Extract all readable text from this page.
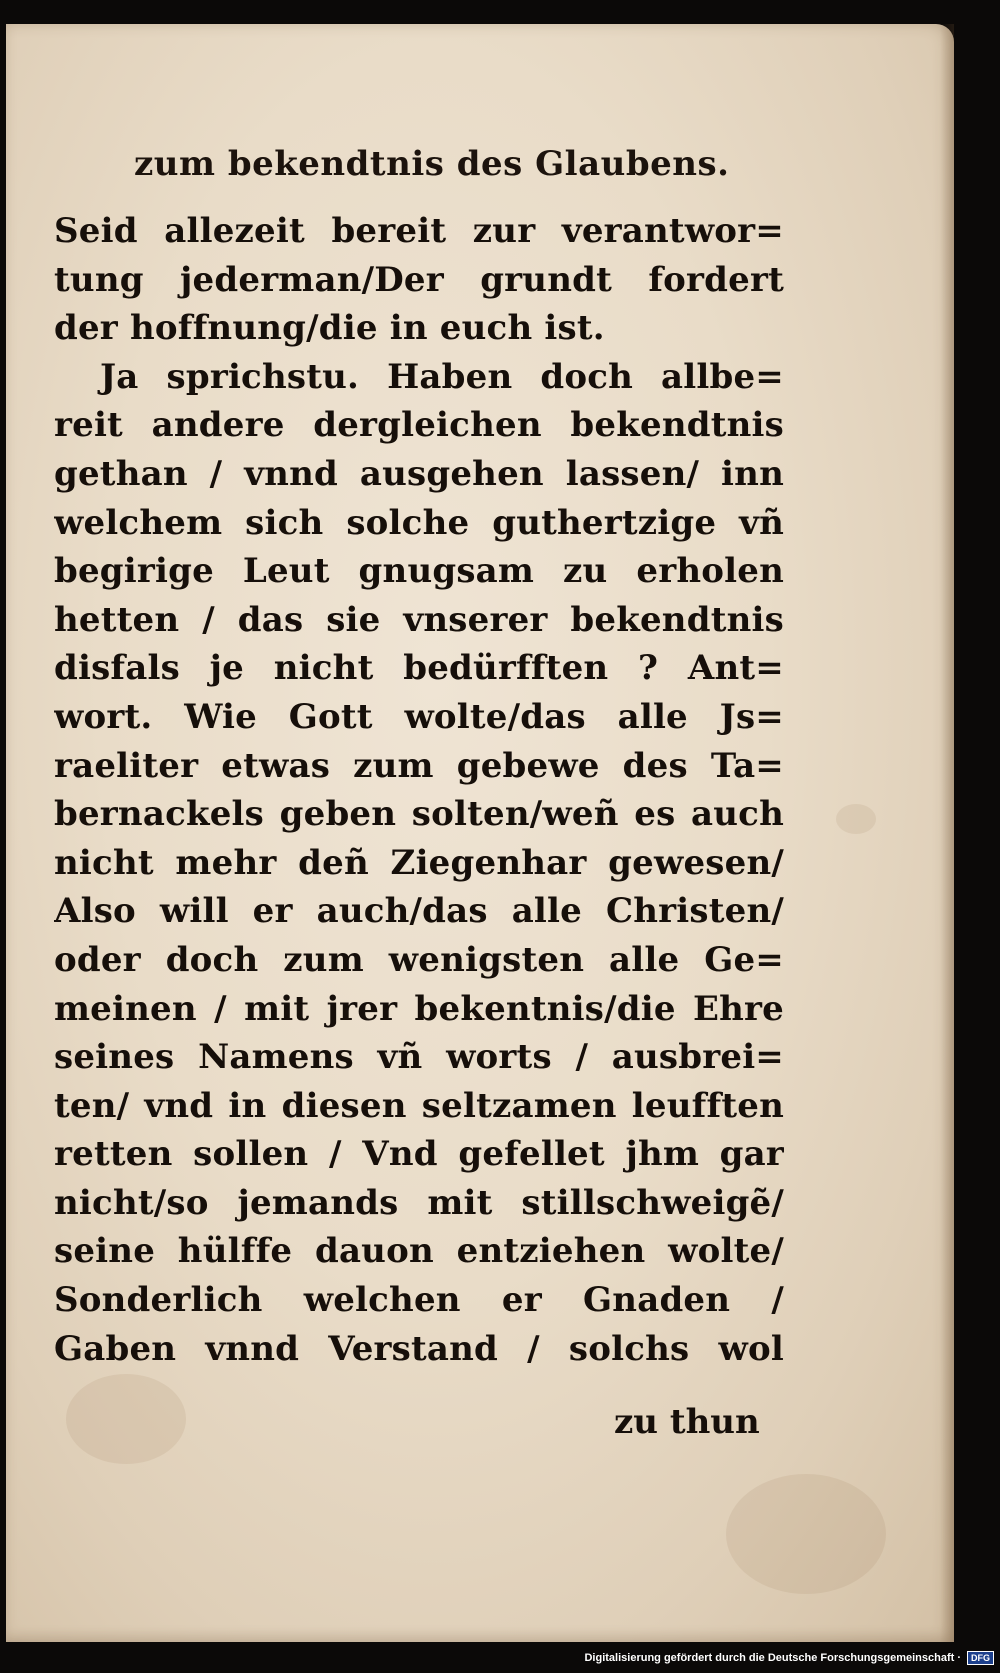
zum bekendtnis des Glaubens.
Seid allezeit bereit zur verantwor=
tung jederman/Der grundt fordert
der hoffnung/die in euch ist.
Ja sprichstu. Haben doch allbe=
reit andere dergleichen bekendtnis
gethan / vnnd ausgehen lassen/ inn
welchem sich solche guthertzige vñ
begirige Leut gnugsam zu erholen
hetten / das sie vnserer bekendtnis
disfals je nicht bedürfften ? Ant=
wort. Wie Gott wolte/das alle Js=
raeliter etwas zum gebewe des Ta=
bernackels geben solten/weñ es auch
nicht mehr deñ Ziegenhar gewesen/
Also will er auch/das alle Christen/
oder doch zum wenigsten alle Ge=
meinen / mit jrer bekentnis/die Ehre
seines Namens vñ worts / ausbrei=
ten/ vnd in diesen seltzamen leufften
retten sollen / Vnd gefellet jhm gar
nicht/so jemands mit stillschweigẽ/
seine hülffe dauon entziehen wolte/
Sonderlich welchen er Gnaden /
Gaben vnnd Verstand / solchs wol
zu thun
Digitalisierung gefördert durch die Deutsche Forschungsgemeinschaft ·	DFG
